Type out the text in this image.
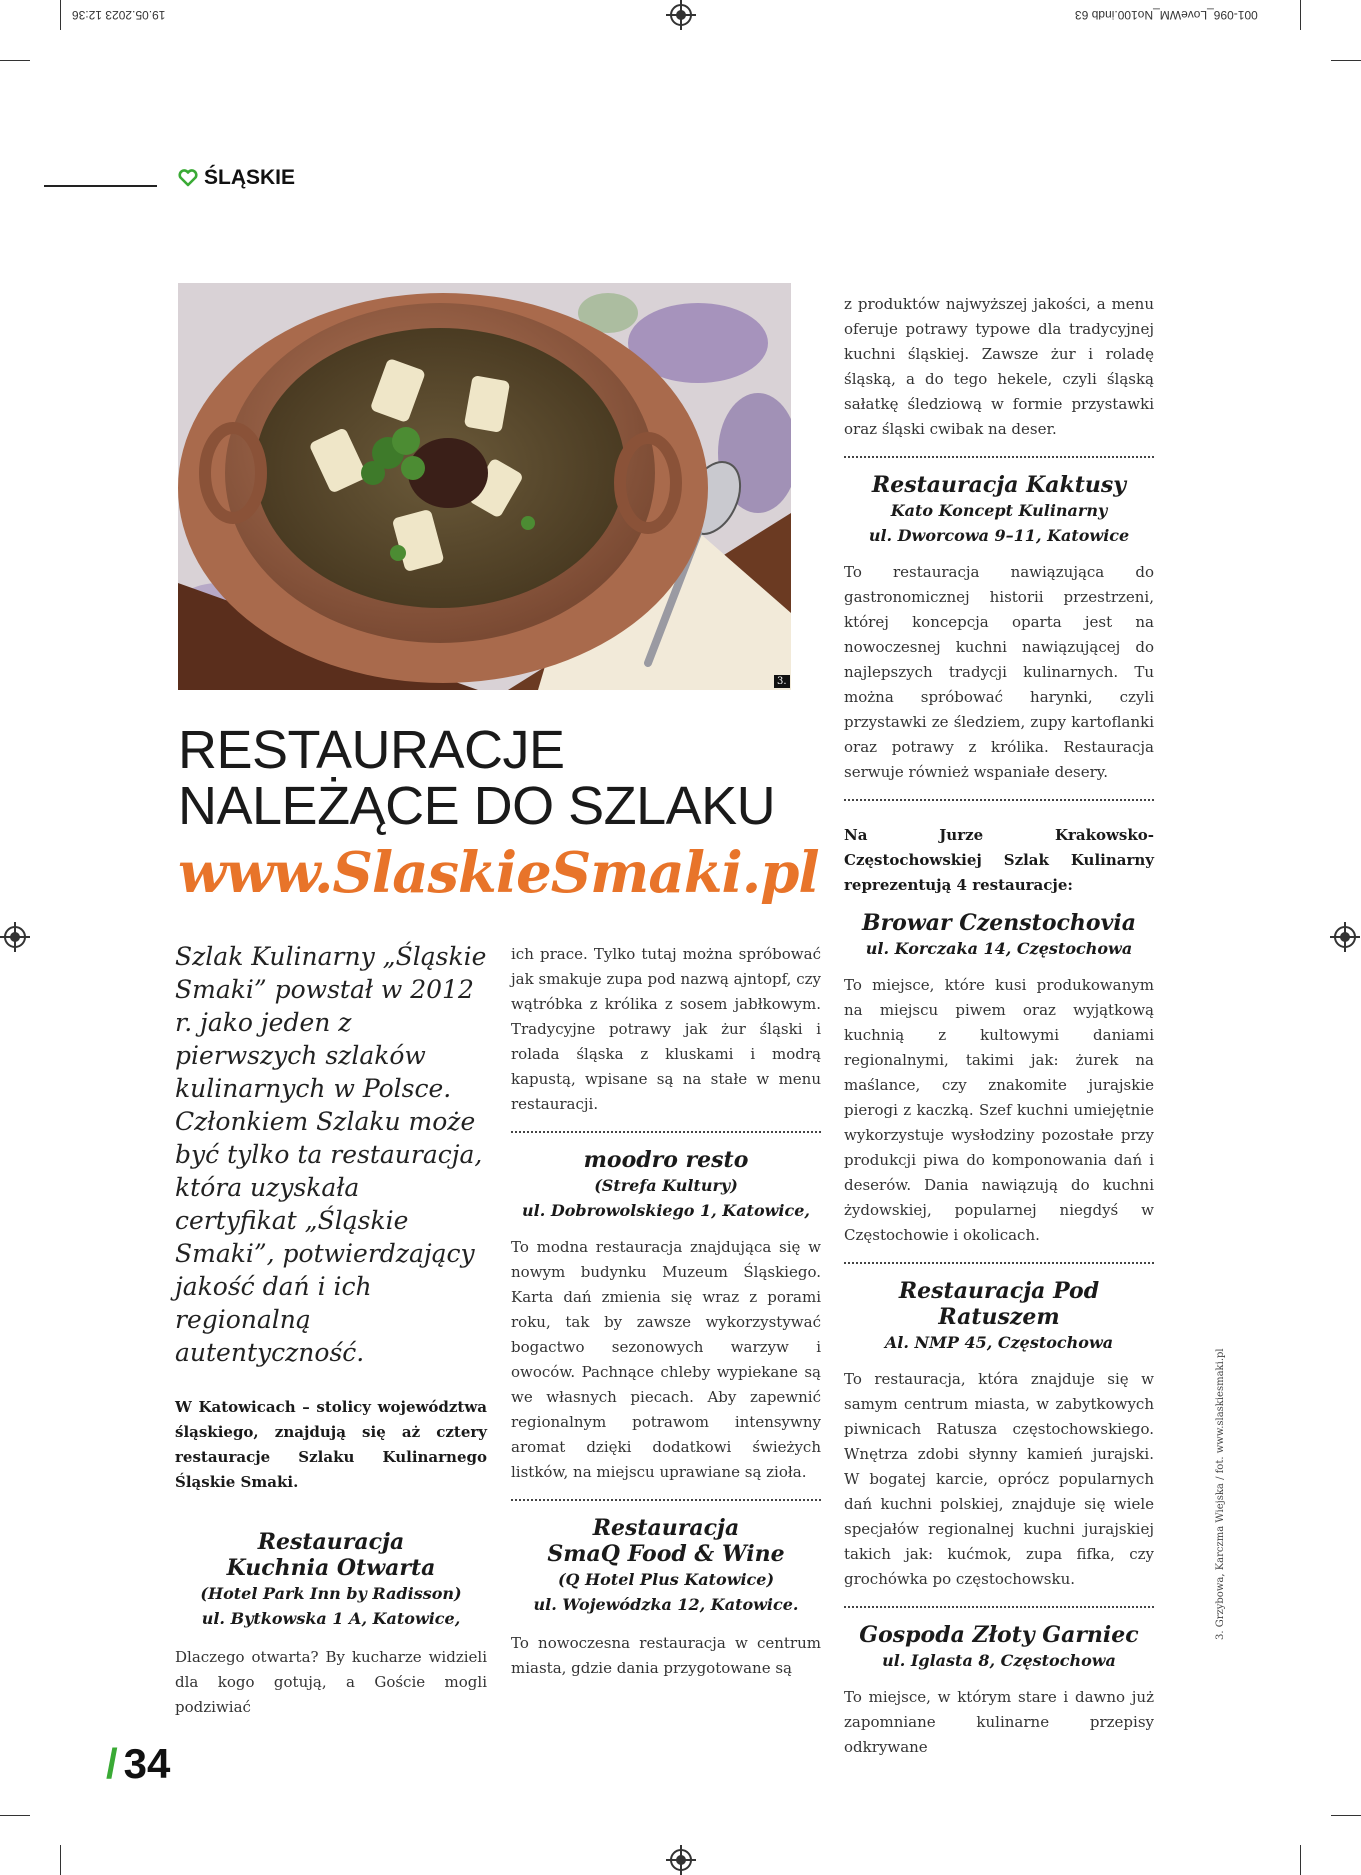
19.05.2023 12:36	001-096_LoveWM_No100.indb 63
ŚLĄSKIE
3.
RESTAURACJE
NALEŻĄCE DO SZLAKU
www.SlaskieSmaki.pl

Szlak Kulinarny „Śląskie Smaki” powstał w 2012 r. jako jeden z pierwszych szlaków kulinarnych w Polsce. Członkiem Szlaku może być tylko ta restauracja, która uzyskała certyfikat „Śląskie Smaki”, potwierdzający jakość dań i ich regionalną autentyczność.

W Katowicach – stolicy województwa śląskiego, znajdują się aż cztery restauracje Szlaku Kulinarnego Śląskie Smaki.

Restauracja
Kuchnia Otwarta
(Hotel Park Inn by Radisson)
ul. Bytkowska 1 A, Katowice,

Dlaczego otwarta? By kucharze widzieli dla kogo gotują, a Goście mogli podziwiać

ich prace. Tylko tutaj można spróbować jak smakuje zupa pod nazwą ajntopf, czy wątróbka z królika z sosem jabłkowym. Tradycyjne potrawy jak żur śląski i rolada śląska z kluskami i modrą kapustą, wpisane są na stałe w menu restauracji.

moodro resto
(Strefa Kultury)
ul. Dobrowolskiego 1, Katowice,

To modna restauracja znajdująca się w nowym budynku Muzeum Śląskiego. Karta dań zmienia się wraz z porami roku, tak by zawsze wykorzystywać bogactwo sezonowych warzyw i owoców. Pachnące chleby wypiekane są we własnych piecach. Aby zapewnić regionalnym potrawom intensywny aromat dzięki dodatkowi świeżych listków, na miejscu uprawiane są zioła.

Restauracja
SmaQ Food & Wine
(Q Hotel Plus Katowice)
ul. Wojewódzka 12, Katowice.

To nowoczesna restauracja w centrum miasta, gdzie dania przygotowane są

z produktów najwyższej jakości, a menu oferuje potrawy typowe dla tradycyjnej kuchni śląskiej. Zawsze żur i roladę śląską, a do tego hekele, czyli śląską sałatkę śledziową w formie przystawki oraz śląski cwibak na deser.

Restauracja Kaktusy
Kato Koncept Kulinarny
ul. Dworcowa 9–11, Katowice

To restauracja nawiązująca do gastronomicznej historii przestrzeni, której koncepcja oparta jest na nowoczesnej kuchni nawiązującej do najlepszych tradycji kulinarnych. Tu można spróbować harynki, czyli przystawki ze śledziem, zupy kartoflanki oraz potrawy z królika. Restauracja serwuje również wspaniałe desery.

Na Jurze Krakowsko-Częstochowskiej Szlak Kulinarny reprezentują 4 restauracje:

Browar Czenstochovia
ul. Korczaka 14, Częstochowa

To miejsce, które kusi produkowanym na miejscu piwem oraz wyjątkową kuchnią z kultowymi daniami regionalnymi, takimi jak: żurek na maślance, czy znakomite jurajskie pierogi z kaczką. Szef kuchni umiejętnie wykorzystuje wysłodziny pozostałe przy produkcji piwa do komponowania dań i deserów. Dania nawiązują do kuchni żydowskiej, popularnej niegdyś w Częstochowie i okolicach.

Restauracja Pod Ratuszem
Al. NMP 45, Częstochowa

To restauracja, która znajduje się w samym centrum miasta, w zabytkowych piwnicach Ratusza częstochowskiego. Wnętrza zdobi słynny kamień jurajski. W bogatej karcie, oprócz popularnych dań kuchni polskiej, znajduje się wiele specjałów regionalnej kuchni jurajskiej takich jak: kućmok, zupa fifka, czy grochówka po częstochowsku.

Gospoda Złoty Garniec
ul. Iglasta 8, Częstochowa

To miejsce, w którym stare i dawno już zapomniane kulinarne przepisy odkrywane

3. Grzybowa, Karczma Wiejska / fot. www.slaskiesmaki.pl
/ 34
